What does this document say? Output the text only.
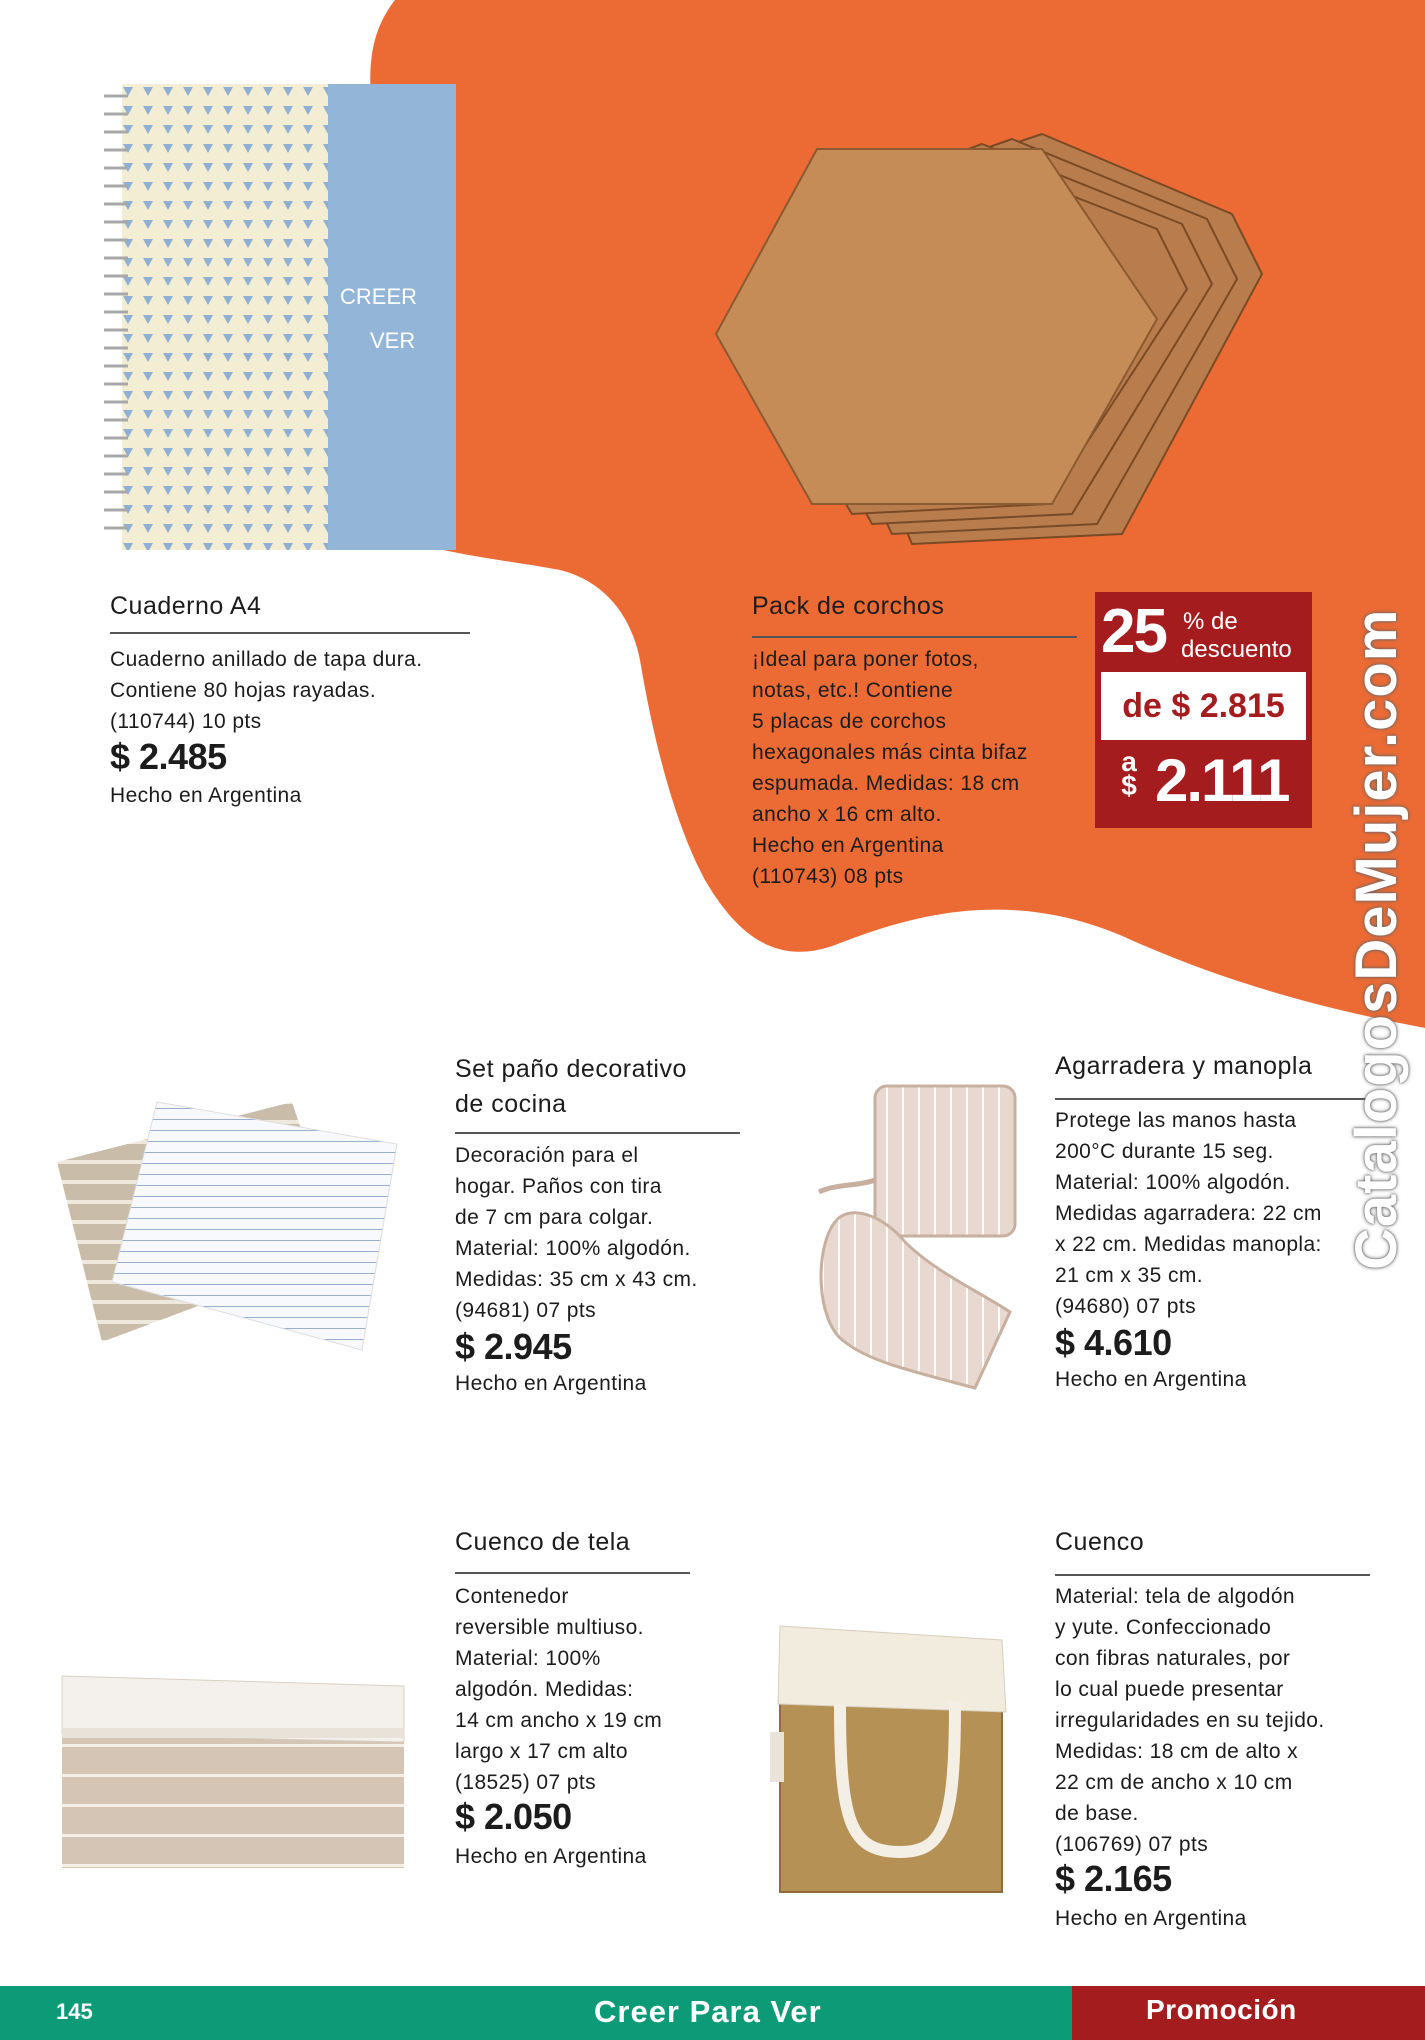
CREER
VER
Cuaderno A4
Cuaderno anillado de tapa dura.
Contiene 80 hojas rayadas.
(110744) 10 pts
$ 2.485
Hecho en Argentina
Pack de corchos
¡Ideal para poner fotos,
notas, etc.! Contiene
5 placas de corchos
hexagonales más cinta bifaz
espumada. Medidas: 18 cm
ancho x 16 cm alto.
Hecho en Argentina
(110743) 08 pts
25 % de
descuento
de $ 2.815
a
$ 2.111
Set paño decorativo
de cocina
Decoración para el
hogar. Paños con tira
de 7 cm para colgar.
Material: 100% algodón.
Medidas: 35 cm x 43 cm.
(94681) 07 pts
$ 2.945
Hecho en Argentina
Agarradera y manopla
Protege las manos hasta
200°C durante 15 seg.
Material: 100% algodón.
Medidas agarradera: 22 cm
x 22 cm. Medidas manopla:
21 cm x 35 cm.
(94680) 07 pts
$ 4.610
Hecho en Argentina
Cuenco de tela
Contenedor
reversible multiuso.
Material: 100%
algodón. Medidas:
14 cm ancho x 19 cm
largo x 17 cm alto
(18525) 07 pts
$ 2.050
Hecho en Argentina
Cuenco
Material: tela de algodón
y yute. Confeccionado
con fibras naturales, por
lo cual puede presentar
irregularidades en su tejido.
Medidas: 18 cm de alto x
22 cm de ancho x 10 cm
de base.
(106769) 07 pts
$ 2.165
Hecho en Argentina
CatalogosDeMujer.com
145	Creer Para Ver	Promoción
